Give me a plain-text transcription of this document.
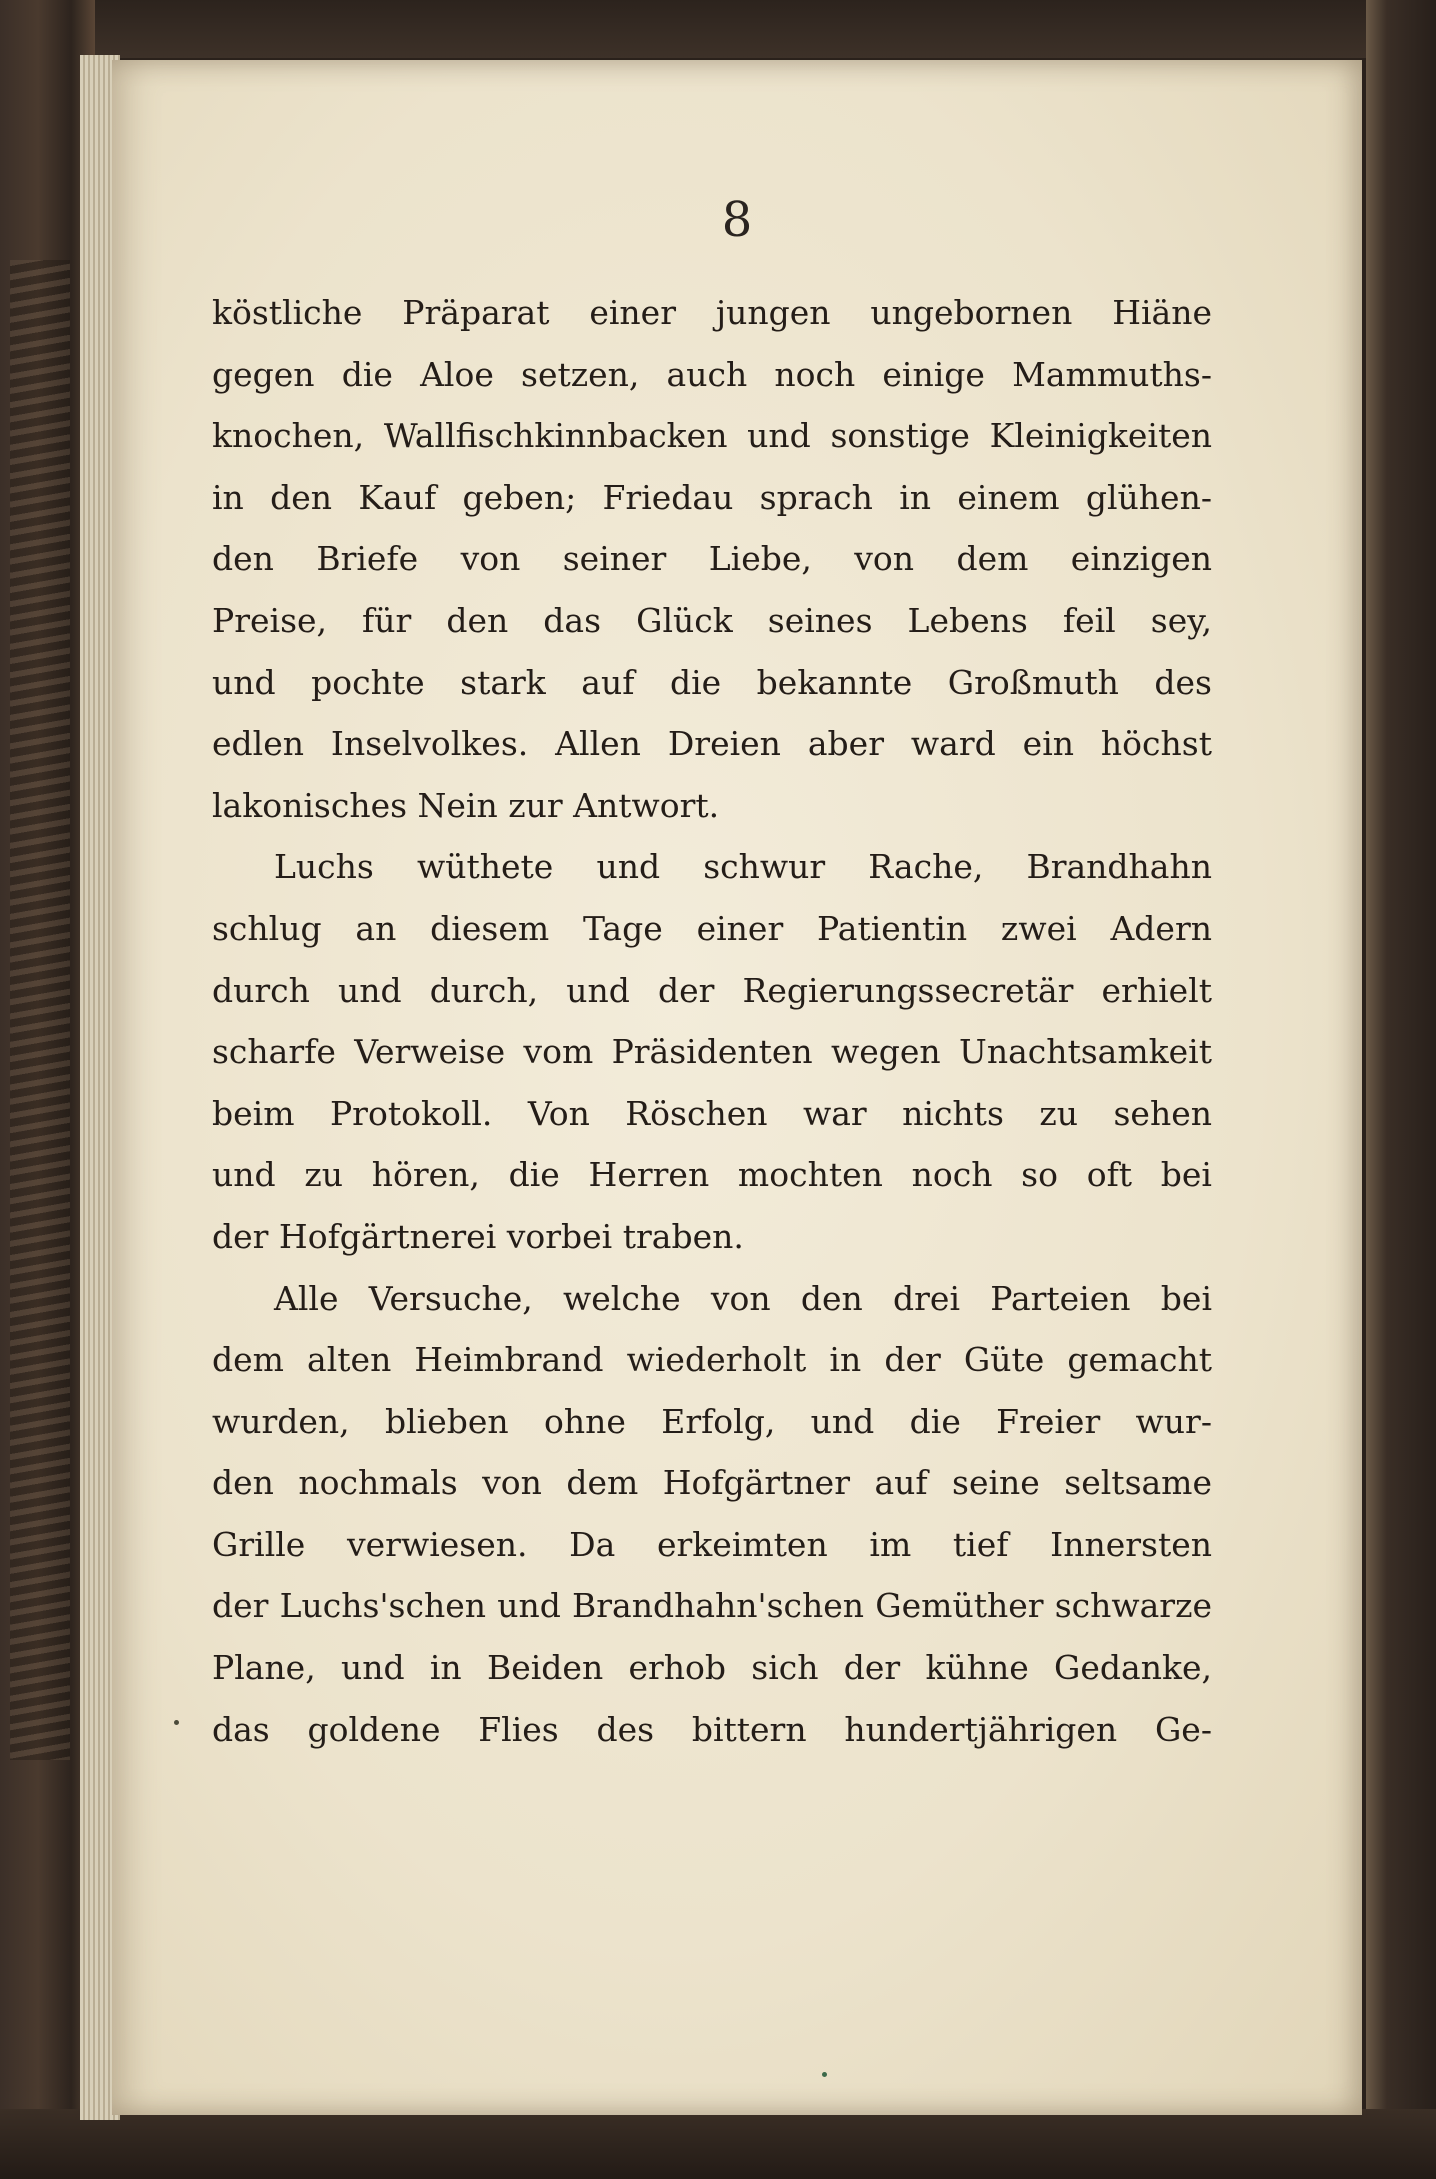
8
köstliche Präparat einer jungen ungebornen Hiäne
gegen die Aloe setzen, auch noch einige Mammuths-
knochen, Wallfischkinnbacken und sonstige Kleinigkeiten
in den Kauf geben; Friedau sprach in einem glühen-
den Briefe von seiner Liebe, von dem einzigen
Preise, für den das Glück seines Lebens feil sey,
und pochte stark auf die bekannte Großmuth des
edlen Inselvolkes. Allen Dreien aber ward ein höchst
lakonisches Nein zur Antwort.
Luchs wüthete und schwur Rache, Brandhahn
schlug an diesem Tage einer Patientin zwei Adern
durch und durch, und der Regierungssecretär erhielt
scharfe Verweise vom Präsidenten wegen Unachtsamkeit
beim Protokoll. Von Röschen war nichts zu sehen
und zu hören, die Herren mochten noch so oft bei
der Hofgärtnerei vorbei traben.
Alle Versuche, welche von den drei Parteien bei
dem alten Heimbrand wiederholt in der Güte gemacht
wurden, blieben ohne Erfolg, und die Freier wur-
den nochmals von dem Hofgärtner auf seine seltsame
Grille verwiesen. Da erkeimten im tief Innersten
der Luchs'schen und Brandhahn'schen Gemüther schwarze
Plane, und in Beiden erhob sich der kühne Gedanke,
das goldene Flies des bittern hundertjährigen Ge-
